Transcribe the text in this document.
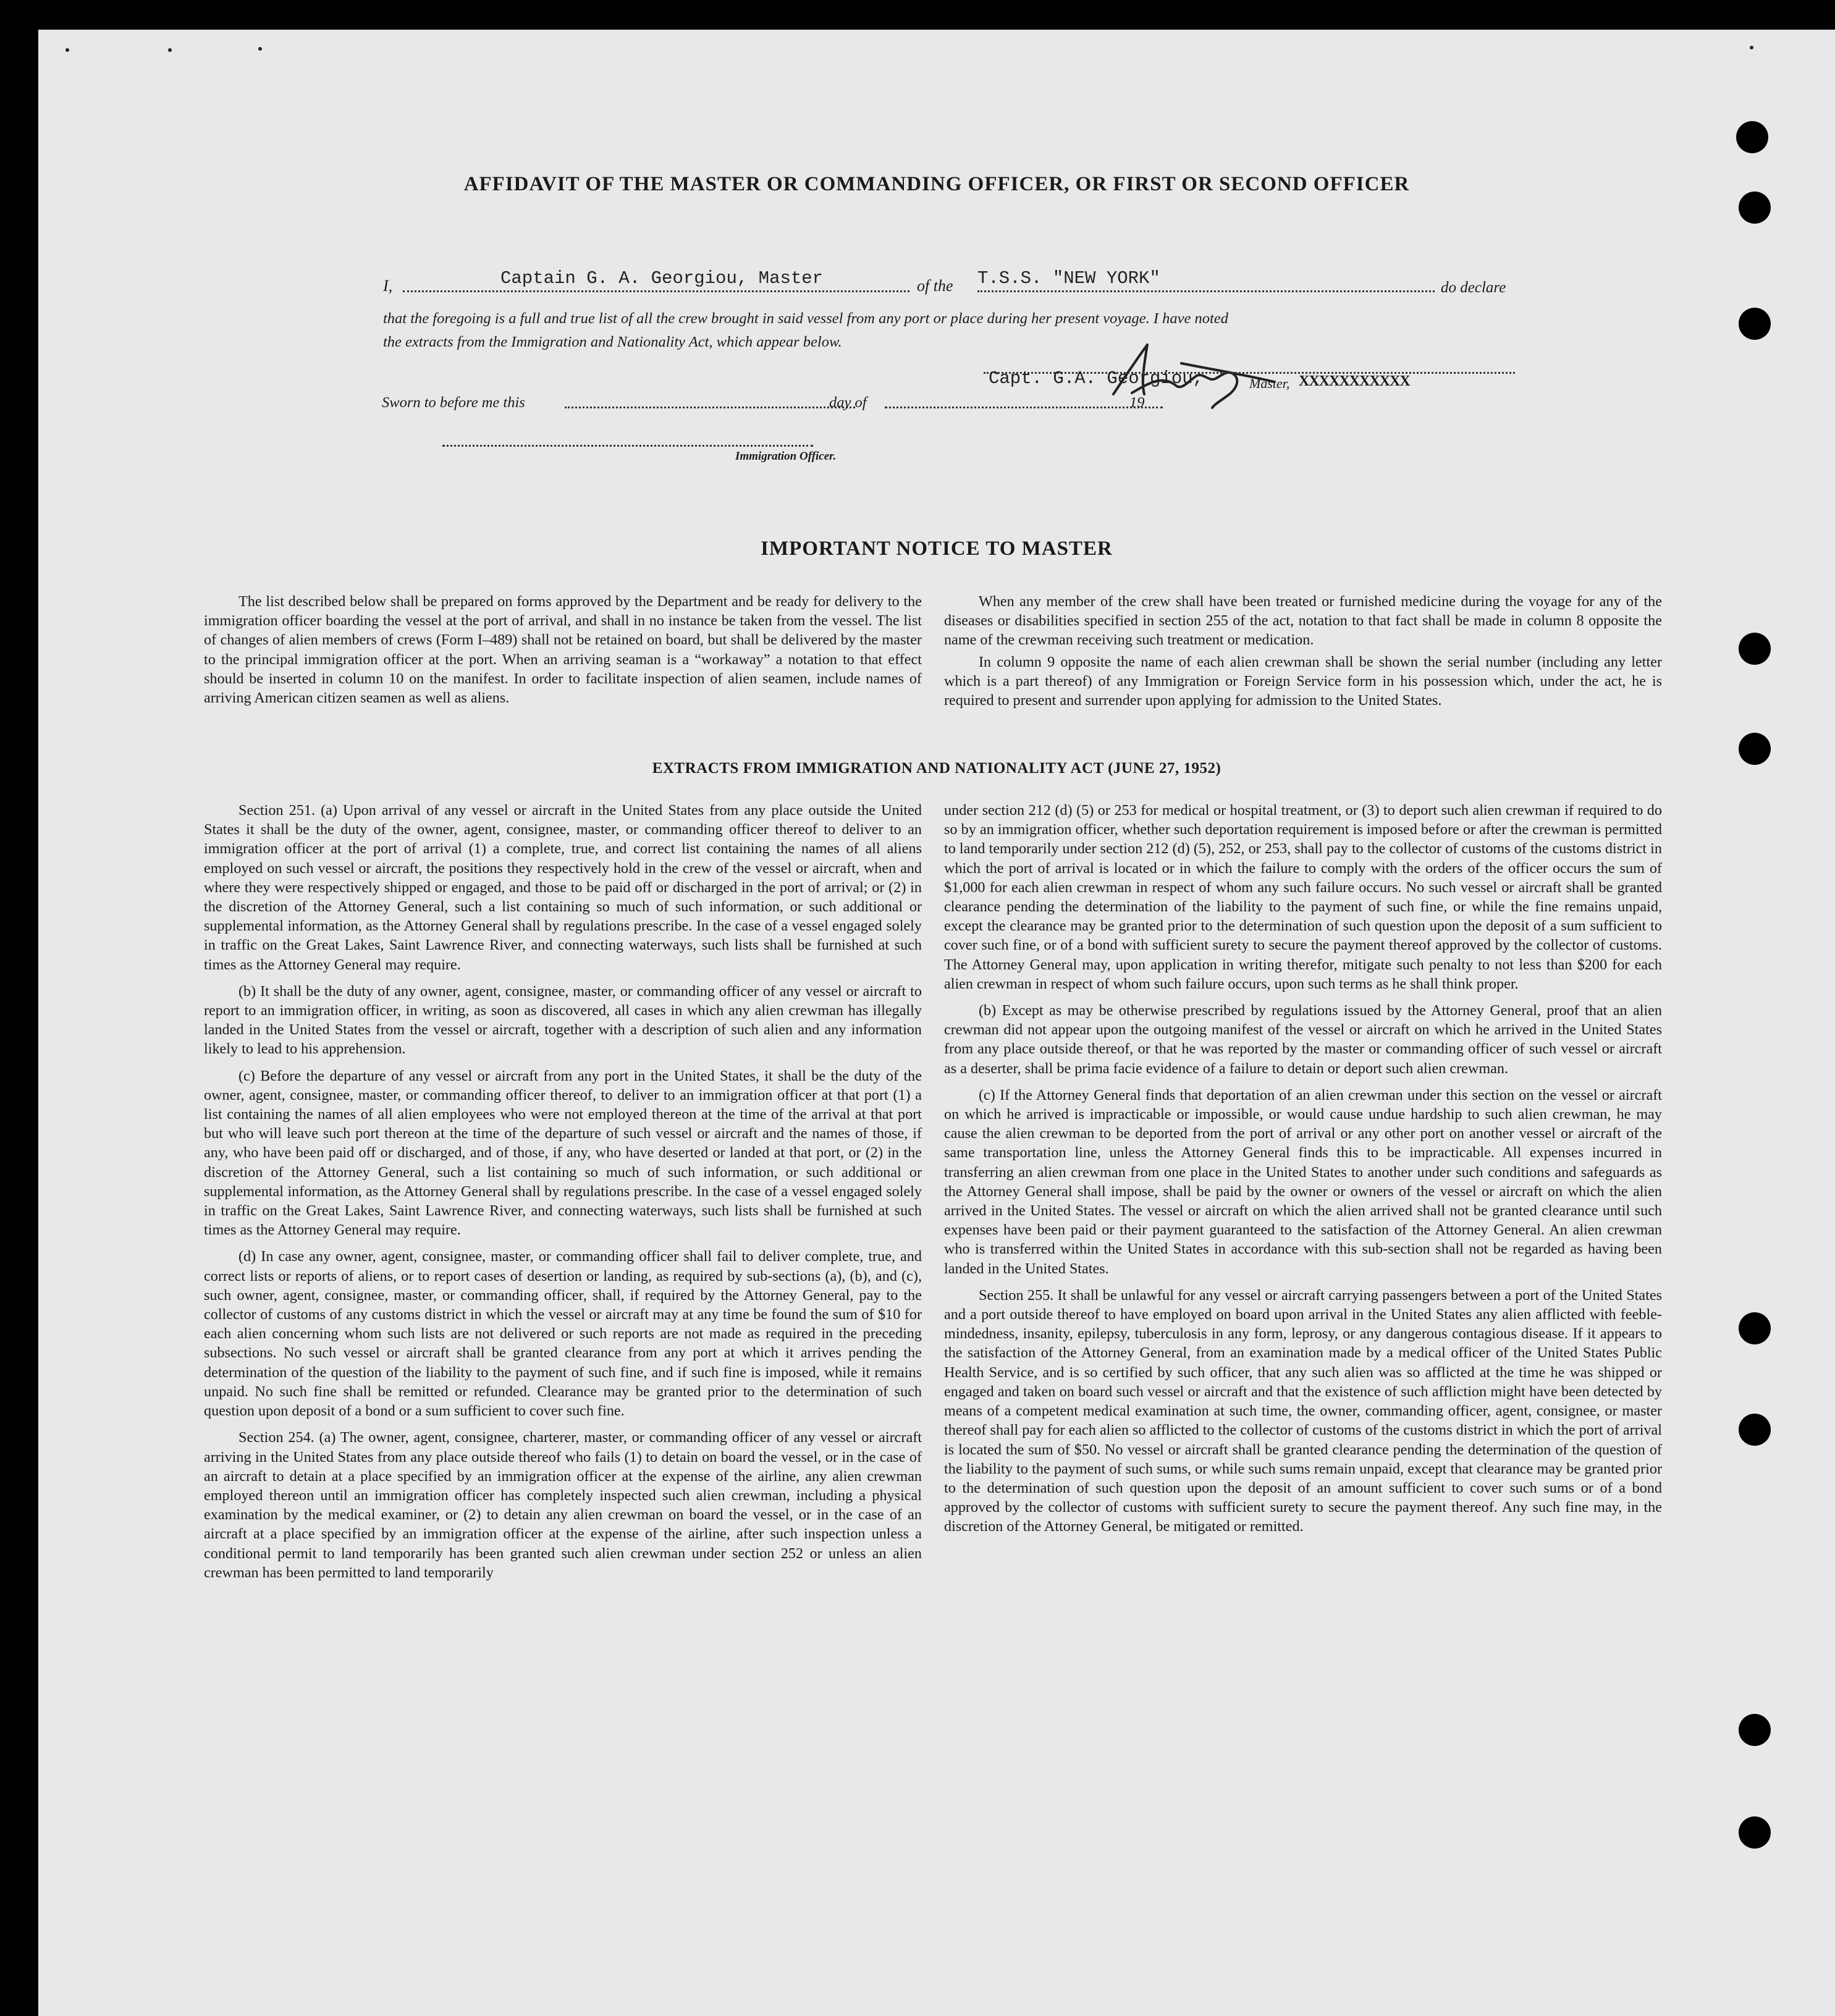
AFFIDAVIT OF THE MASTER OR COMMANDING OFFICER, OR FIRST OR SECOND OFFICER
I,	Captain G. A. Georgiou, Master	of the T.S.S. "NEW YORK"	do declare
that the foregoing is a full and true list of all the crew brought in said vessel from any port or place during her present voyage. I have noted
the extracts from the Immigration and Nationality Act, which appear below.
Capt. G.A. Georgiou,	Master, XXXXXXXXXXX
Sworn to before me this	day of	19
Immigration Officer.
IMPORTANT NOTICE TO MASTER

The list described below shall be prepared on forms approved by the Department and be ready for delivery to the immigration officer boarding the vessel at the port of arrival, and shall in no instance be taken from the vessel. The list of changes of alien members of crews (Form I–489) shall not be retained on board, but shall be delivered by the master to the principal immigration officer at the port. When an arriving seaman is a “workaway” a notation to that effect should be inserted in column 10 on the manifest. In order to facilitate inspection of alien seamen, include names of arriving American citizen seamen as well as aliens.

When any member of the crew shall have been treated or furnished medicine during the voyage for any of the diseases or disabilities specified in section 255 of the act, notation to that fact shall be made in column 8 opposite the name of the crewman receiving such treatment or medication.

In column 9 opposite the name of each alien crewman shall be shown the serial number (including any letter which is a part thereof) of any Immigration or Foreign Service form in his possession which, under the act, he is required to present and surrender upon applying for admission to the United States.

EXTRACTS FROM IMMIGRATION AND NATIONALITY ACT (JUNE 27, 1952)

Section 251. (a) Upon arrival of any vessel or aircraft in the United States from any place outside the United States it shall be the duty of the owner, agent, consignee, master, or commanding officer thereof to deliver to an immigration officer at the port of arrival (1) a complete, true, and correct list containing the names of all aliens employed on such vessel or aircraft, the positions they respectively hold in the crew of the vessel or aircraft, when and where they were respectively shipped or engaged, and those to be paid off or discharged in the port of arrival; or (2) in the discretion of the Attorney General, such a list containing so much of such information, or such additional or supplemental information, as the Attorney General shall by regulations prescribe. In the case of a vessel engaged solely in traffic on the Great Lakes, Saint Lawrence River, and connecting waterways, such lists shall be furnished at such times as the Attorney General may require.

(b) It shall be the duty of any owner, agent, consignee, master, or commanding officer of any vessel or aircraft to report to an immigration officer, in writing, as soon as discovered, all cases in which any alien crewman has illegally landed in the United States from the vessel or aircraft, together with a description of such alien and any information likely to lead to his apprehension.

(c) Before the departure of any vessel or aircraft from any port in the United States, it shall be the duty of the owner, agent, consignee, master, or commanding officer thereof, to deliver to an immigration officer at that port (1) a list containing the names of all alien employees who were not employed thereon at the time of the arrival at that port but who will leave such port thereon at the time of the departure of such vessel or aircraft and the names of those, if any, who have been paid off or discharged, and of those, if any, who have deserted or landed at that port, or (2) in the discretion of the Attorney General, such a list containing so much of such information, or such additional or supplemental information, as the Attorney General shall by regulations prescribe. In the case of a vessel engaged solely in traffic on the Great Lakes, Saint Lawrence River, and connecting waterways, such lists shall be furnished at such times as the Attorney General may require.

(d) In case any owner, agent, consignee, master, or commanding officer shall fail to deliver complete, true, and correct lists or reports of aliens, or to report cases of desertion or landing, as required by sub-sections (a), (b), and (c), such owner, agent, consignee, master, or commanding officer, shall, if required by the Attorney General, pay to the collector of customs of any customs district in which the vessel or aircraft may at any time be found the sum of $10 for each alien concerning whom such lists are not delivered or such reports are not made as required in the preceding subsections. No such vessel or aircraft shall be granted clearance from any port at which it arrives pending the determination of the question of the liability to the payment of such fine, and if such fine is imposed, while it remains unpaid. No such fine shall be remitted or refunded. Clearance may be granted prior to the determination of such question upon deposit of a bond or a sum sufficient to cover such fine.

Section 254. (a) The owner, agent, consignee, charterer, master, or commanding officer of any vessel or aircraft arriving in the United States from any place outside thereof who fails (1) to detain on board the vessel, or in the case of an aircraft to detain at a place specified by an immigration officer at the expense of the airline, any alien crewman employed thereon until an immigration officer has completely inspected such alien crewman, including a physical examination by the medical examiner, or (2) to detain any alien crewman on board the vessel, or in the case of an aircraft at a place specified by an immigration officer at the expense of the airline, after such inspection unless a conditional permit to land temporarily has been granted such alien crewman under section 252 or unless an alien crewman has been permitted to land temporarily

under section 212 (d) (5) or 253 for medical or hospital treatment, or (3) to deport such alien crewman if required to do so by an immigration officer, whether such deportation requirement is imposed before or after the crewman is permitted to land temporarily under section 212 (d) (5), 252, or 253, shall pay to the collector of customs of the customs district in which the port of arrival is located or in which the failure to comply with the orders of the officer occurs the sum of $1,000 for each alien crewman in respect of whom any such failure occurs. No such vessel or aircraft shall be granted clearance pending the determination of the liability to the payment of such fine, or while the fine remains unpaid, except the clearance may be granted prior to the determination of such question upon the deposit of a sum sufficient to cover such fine, or of a bond with sufficient surety to secure the payment thereof approved by the collector of customs. The Attorney General may, upon application in writing therefor, mitigate such penalty to not less than $200 for each alien crewman in respect of whom such failure occurs, upon such terms as he shall think proper.

(b) Except as may be otherwise prescribed by regulations issued by the Attorney General, proof that an alien crewman did not appear upon the outgoing manifest of the vessel or aircraft on which he arrived in the United States from any place outside thereof, or that he was reported by the master or commanding officer of such vessel or aircraft as a deserter, shall be prima facie evidence of a failure to detain or deport such alien crewman.

(c) If the Attorney General finds that deportation of an alien crewman under this section on the vessel or aircraft on which he arrived is impracticable or impossible, or would cause undue hardship to such alien crewman, he may cause the alien crewman to be deported from the port of arrival or any other port on another vessel or aircraft of the same transportation line, unless the Attorney General finds this to be impracticable. All expenses incurred in transferring an alien crewman from one place in the United States to another under such conditions and safeguards as the Attorney General shall impose, shall be paid by the owner or owners of the vessel or aircraft on which the alien arrived in the United States. The vessel or aircraft on which the alien arrived shall not be granted clearance until such expenses have been paid or their payment guaranteed to the satisfaction of the Attorney General. An alien crewman who is transferred within the United States in accordance with this sub-section shall not be regarded as having been landed in the United States.

Section 255. It shall be unlawful for any vessel or aircraft carrying passengers between a port of the United States and a port outside thereof to have employed on board upon arrival in the United States any alien afflicted with feeble-mindedness, insanity, epilepsy, tuberculosis in any form, leprosy, or any dangerous contagious disease. If it appears to the satisfaction of the Attorney General, from an examination made by a medical officer of the United States Public Health Service, and is so certified by such officer, that any such alien was so afflicted at the time he was shipped or engaged and taken on board such vessel or aircraft and that the existence of such affliction might have been detected by means of a competent medical examination at such time, the owner, commanding officer, agent, consignee, or master thereof shall pay for each alien so afflicted to the collector of customs of the customs district in which the port of arrival is located the sum of $50. No vessel or aircraft shall be granted clearance pending the determination of the question of the liability to the payment of such sums, or while such sums remain unpaid, except that clearance may be granted prior to the determination of such question upon the deposit of an amount sufficient to cover such sums or of a bond approved by the collector of customs with sufficient surety to secure the payment thereof. Any such fine may, in the discretion of the Attorney General, be mitigated or remitted.
